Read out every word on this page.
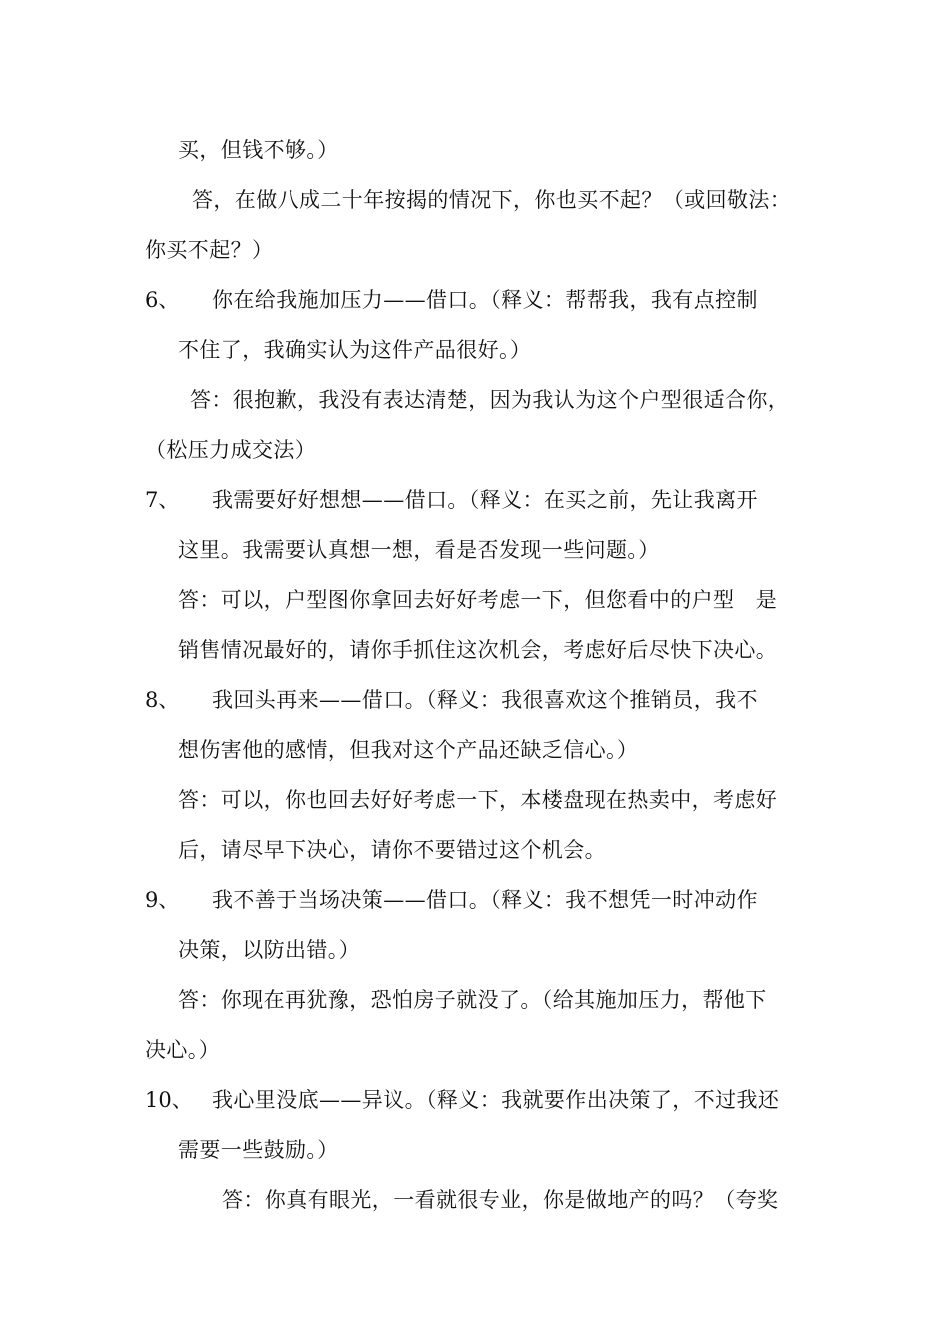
买，但钱不够。）
答，在做八成二十年按揭的情况下，你也买不起？（或回敬法：
你买不起？）
6、 你在给我施加压力——借口。（释义：帮帮我，我有点控制
不住了，我确实认为这件产品很好。）
答：很抱歉，我没有表达清楚，因为我认为这个户型很适合你，
（松压力成交法）
7、 我需要好好想想——借口。（释义：在买之前，先让我离开
这里。我需要认真想一想，看是否发现一些问题。）
答：可以，户型图你拿回去好好考虑一下，但您看中的户型　是
销售情况最好的，请你手抓住这次机会，考虑好后尽快下决心。
8、 我回头再来——借口。（释义：我很喜欢这个推销员，我不
想伤害他的感情，但我对这个产品还缺乏信心。）
答：可以，你也回去好好考虑一下，本楼盘现在热卖中，考虑好
后，请尽早下决心，请你不要错过这个机会。
9、 我不善于当场决策——借口。（释义：我不想凭一时冲动作
决策，以防出错。）
答：你现在再犹豫，恐怕房子就没了。（给其施加压力，帮他下
决心。）
10、 我心里没底——异议。（释义：我就要作出决策了，不过我还
需要一些鼓励。）
答：你真有眼光，一看就很专业，你是做地产的吗？（夸奖
